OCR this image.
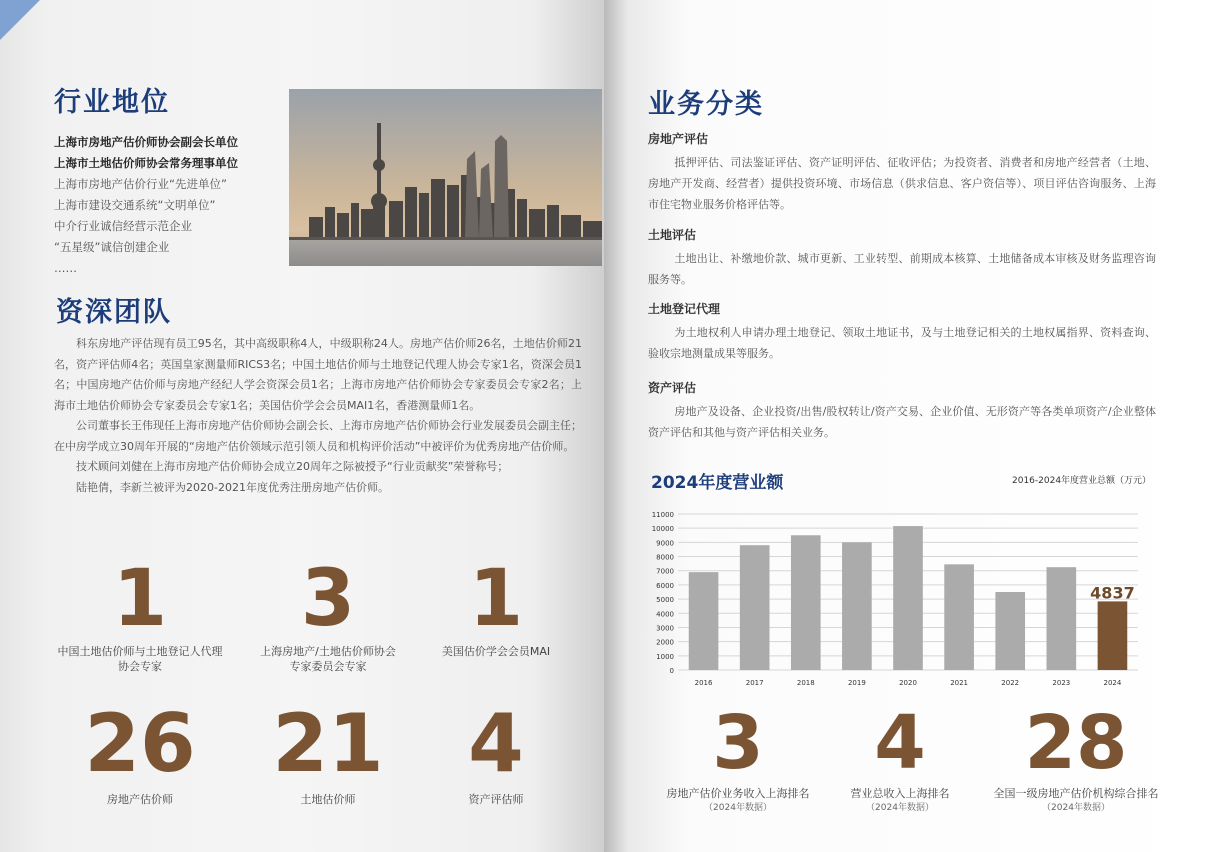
行业地位
上海市房地产估价师协会副会长单位
上海市土地估价师协会常务理事单位
上海市房地产估价行业“先进单位”
上海市建设交通系统“文明单位”
中介行业诚信经营示范企业
“五星级”诚信创建企业
……
资深团队

科东房地产评估现有员工95名，其中高级职称4人，中级职称24人。房地产估价师26名，土地估价师21名，资产评估师4名；英国皇家测量师RICS3名；中国土地估价师与土地登记代理人协会专家1名，资深会员1名；中国房地产估价师与房地产经纪人学会资深会员1名；上海市房地产估价师协会专家委员会专家2名；上海市土地估价师协会专家委员会专家1名；美国估价学会会员MAI1名，香港测量师1名。

公司董事长王伟现任上海市房地产估价师协会副会长、上海市房地产估价师协会行业发展委员会副主任；在中房学成立30周年开展的“房地产估价领域示范引领人员和机构评价活动”中被评价为优秀房地产估价师。

技术顾问刘健在上海市房地产估价师协会成立20周年之际被授予“行业贡献奖”荣誉称号；

陆艳倩，李新兰被评为2020-2021年度优秀注册房地产估价师。

1
中国土地估价师与土地登记人代理
协会专家
3
上海房地产/土地估价师协会
专家委员会专家
1
美国估价学会会员MAI
26
房地产估价师
21
土地估价师
4
资产评估师
业务分类
房地产评估

抵押评估、司法鉴证评估、资产证明评估、征收评估；为投资者、消费者和房地产经营者（土地、房地产开发商、经营者）提供投资环境、市场信息（供求信息、客户资信等）、项目评估咨询服务、上海市住宅物业服务价格评估等。

土地评估

土地出让、补缴地价款、城市更新、工业转型、前期成本核算、土地储备成本审核及财务监理咨询服务等。

土地登记代理

为土地权利人申请办理土地登记、领取土地证书，及与土地登记相关的土地权属指界、资料查询、验收宗地测量成果等服务。

资产评估

房地产及设备、企业投资/出售/股权转让/资产交易、企业价值、无形资产等各类单项资产/企业整体资产评估和其他与资产评估相关业务。

2024年度营业额	2016-2024年度营业总额（万元）
0
1000
2000
3000
4000
5000
6000
7000
8000
9000
10000
11000
2016	2017	2018	2019	2020	2021	2022	2023	2024
4837
3
房地产估价业务收入上海排名
（2024年数据）
4
营业总收入上海排名
（2024年数据）
28
全国一级房地产估价机构综合排名
（2024年数据）
